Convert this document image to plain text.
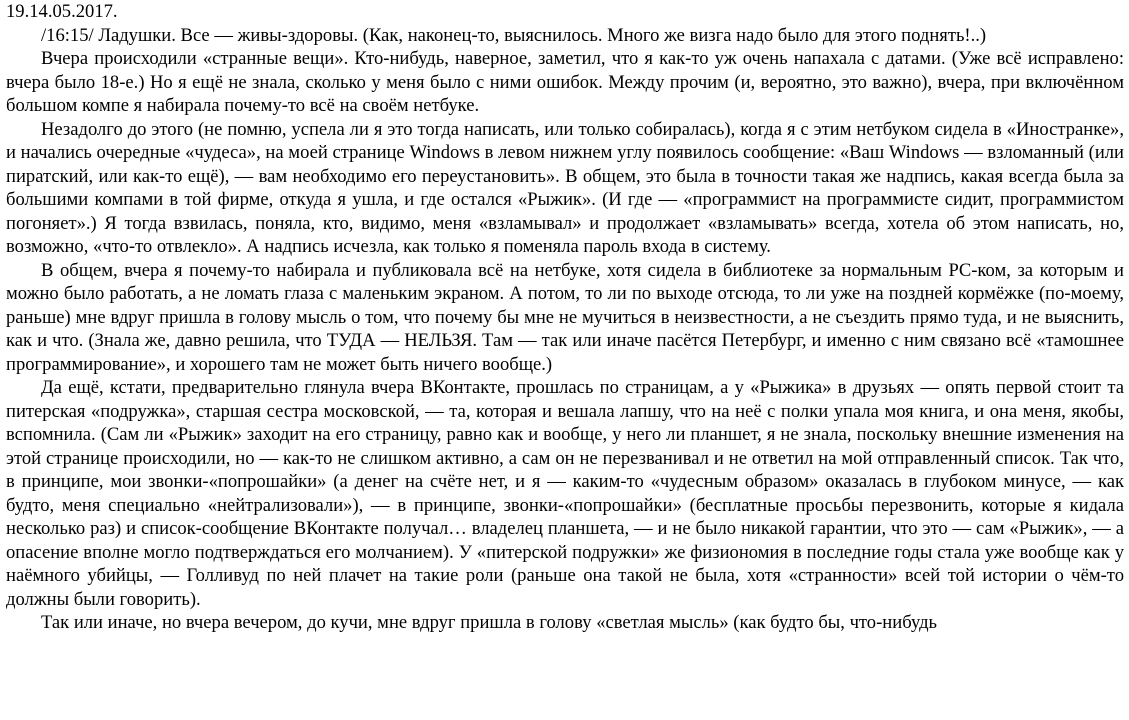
19.14.05.2017.

/16:15/ Ладушки. Все — живы-здоровы. (Как, наконец-то, выяснилось. Много же визга надо было для этого поднять!..)

Вчера происходили «странные вещи». Кто-нибудь, наверное, заметил, что я как-то уж очень напахала с датами. (Уже всё исправлено: вчера было 18-е.) Но я ещё не знала, сколько у меня было с ними ошибок. Между прочим (и, вероятно, это важно), вчера, при включённом большом компе я набирала почему-то всё на своём нетбуке.

Незадолго до этого (не помню, успела ли я это тогда написать, или только собиралась), когда я с этим нетбуком сидела в «Иностранке», и начались очередные «чудеса», на моей странице Windows в левом нижнем углу появилось сообщение: «Ваш Windows — взломанный (или пиратский, или как-то ещё), — вам необходимо его переустановить». В общем, это была в точности такая же надпись, какая всегда была за большими компами в той фирме, откуда я ушла, и где остался «Рыжик». (И где — «программист на программисте сидит, программистом погоняет».) Я тогда взвилась, поняла, кто, видимо, меня «взламывал» и продолжает «взламывать» всегда, хотела об этом написать, но, возможно, «что-то отвлекло». А надпись исчезла, как только я поменяла пароль входа в систему.

В общем, вчера я почему-то набирала и публиковала всё на нетбуке, хотя сидела в библиотеке за нормальным PC-ком, за которым и можно было работать, а не ломать глаза с маленьким экраном. А потом, то ли по выходе отсюда, то ли уже на поздней кормёжке (по-моему, раньше) мне вдруг пришла в голову мысль о том, что почему бы мне не мучиться в неизвестности, а не съездить прямо туда, и не выяснить, как и что. (Знала же, давно решила, что ТУДА — НЕЛЬЗЯ. Там — так или иначе пасётся Петербург, и именно с ним связано всё «тамошнее программирование», и хорошего там не может быть ничего вообще.)

Да ещё, кстати, предварительно глянула вчера ВКонтакте, прошлась по страницам, а у «Рыжика» в друзьях — опять первой стоит та питерская «подружка», старшая сестра московской, — та, которая и вешала лапшу, что на неё с полки упала моя книга, и она меня, якобы, вспомнила. (Сам ли «Рыжик» заходит на его страницу, равно как и вообще, у него ли планшет, я не знала, поскольку внешние изменения на этой странице происходили, но — как-то не слишком активно, а сам он не перезванивал и не ответил на мой отправленный список. Так что, в принципе, мои звонки-«попрошайки» (а денег на счёте нет, и я — каким-то «чудесным образом» оказалась в глубоком минусе, — как будто, меня специально «нейтрализовали»), — в принципе, звонки-«попрошайки» (бесплатные просьбы перезвонить, которые я кидала несколько раз) и список-сообщение ВКонтакте получал… владелец планшета, — и не было никакой гарантии, что это — сам «Рыжик», — а опасение вполне могло подтверждаться его молчанием). У «питерской подружки» же физиономия в последние годы стала уже вообще как у наёмного убийцы, — Голливуд по ней плачет на такие роли (раньше она такой не была, хотя «странности» всей той истории о чём-то должны были говорить).

Так или иначе, но вчера вечером, до кучи, мне вдруг пришла в голову «светлая мысль» (как будто бы, что-нибудь
